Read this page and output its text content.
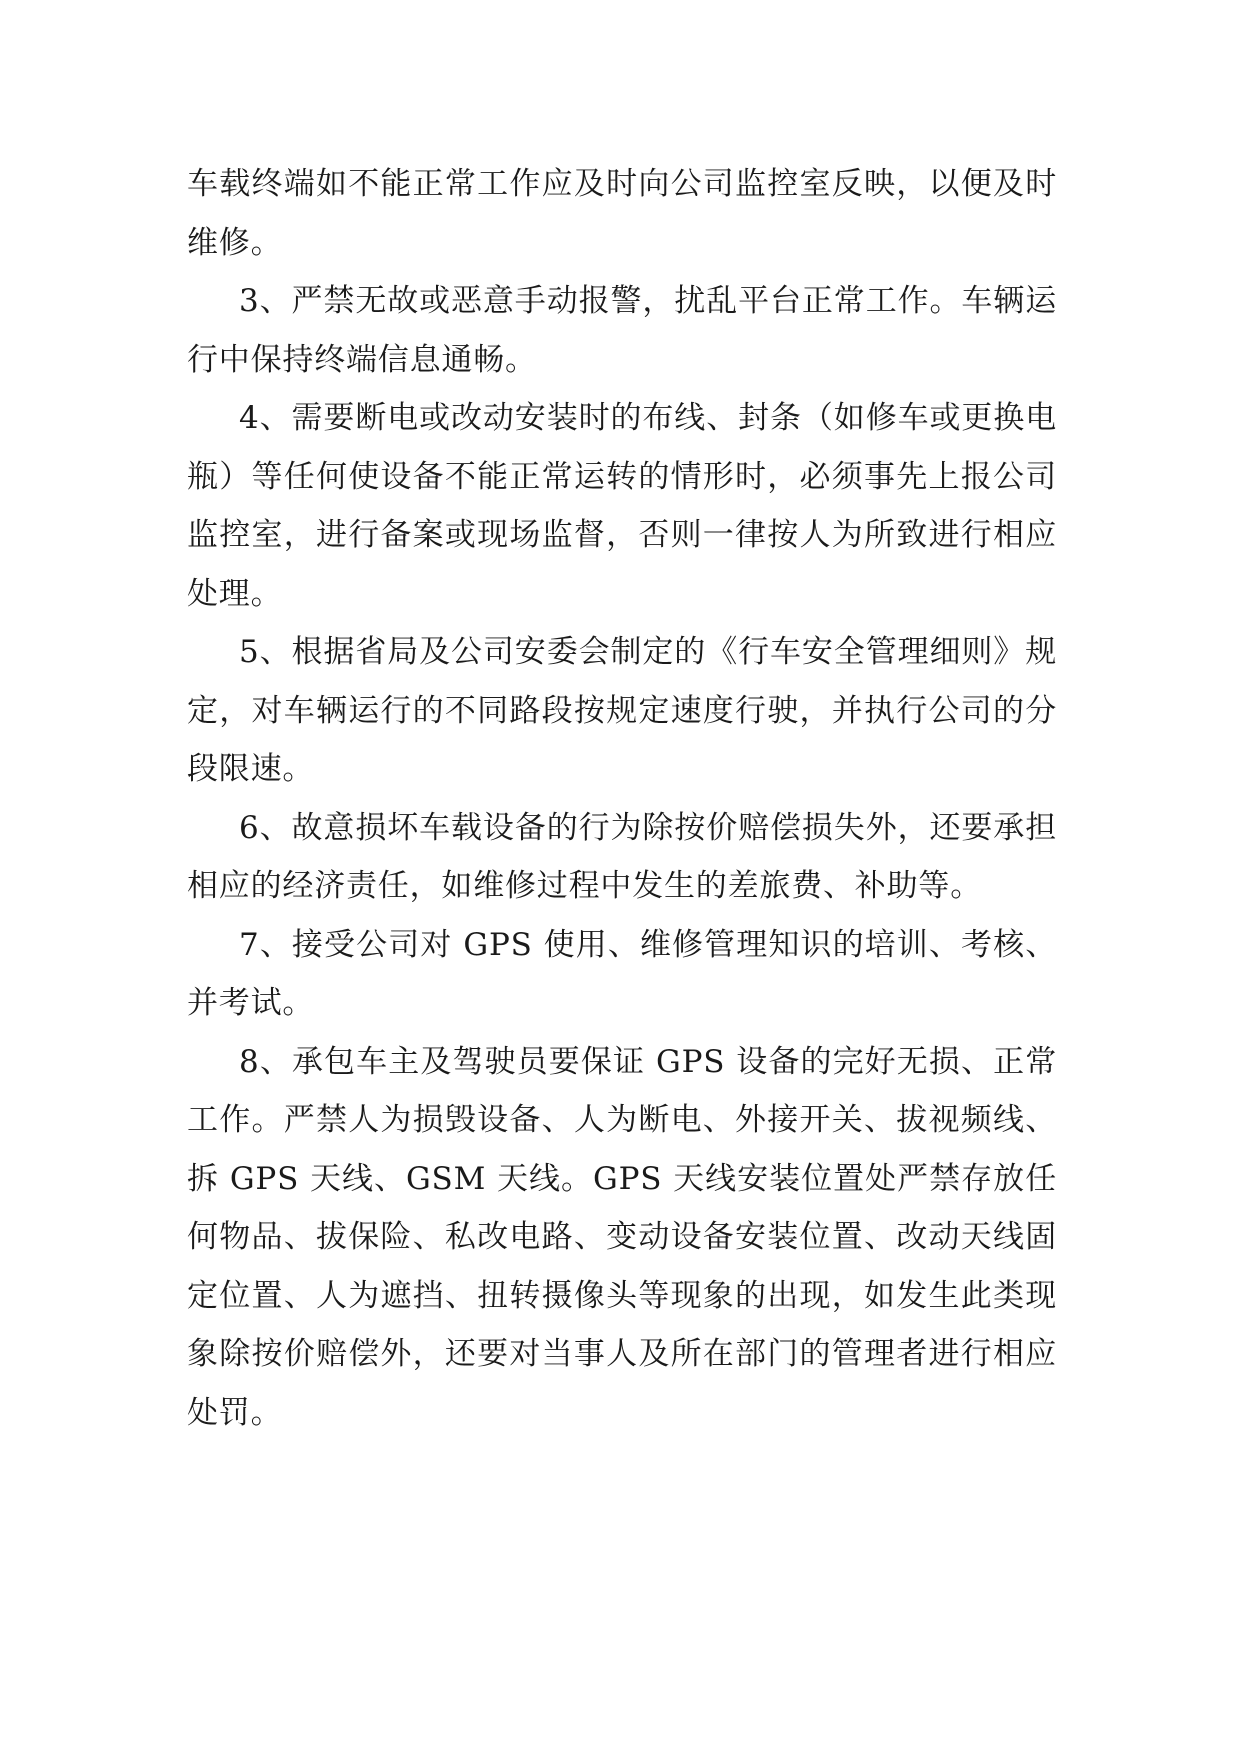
车载终端如不能正常工作应及时向公司监控室反映，以便及时维修。

3、严禁无故或恶意手动报警，扰乱平台正常工作。车辆运行中保持终端信息通畅。

4、需要断电或改动安装时的布线、封条（如修车或更换电瓶）等任何使设备不能正常运转的情形时，必须事先上报公司监控室，进行备案或现场监督，否则一律按人为所致进行相应处理。

5、根据省局及公司安委会制定的《行车安全管理细则》规定，对车辆运行的不同路段按规定速度行驶，并执行公司的分段限速。

6、故意损坏车载设备的行为除按价赔偿损失外，还要承担相应的经济责任，如维修过程中发生的差旅费、补助等。

7、接受公司对 GPS 使用、维修管理知识的培训、考核、并考试。

8、承包车主及驾驶员要保证 GPS 设备的完好无损、正常工作。严禁人为损毁设备、人为断电、外接开关、拔视频线、拆 GPS 天线、GSM 天线。GPS 天线安装位置处严禁存放任何物品、拔保险、私改电路、变动设备安装位置、改动天线固定位置、人为遮挡、扭转摄像头等现象的出现，如发生此类现象除按价赔偿外，还要对当事人及所在部门的管理者进行相应处罚。
